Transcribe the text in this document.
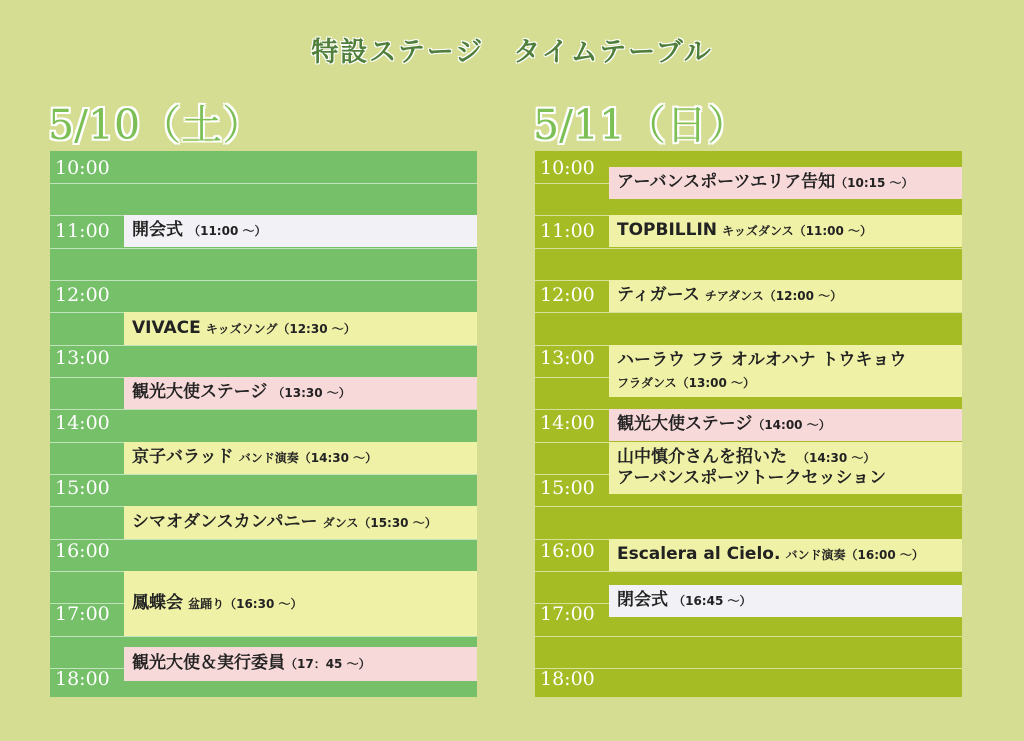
特設ステージ　タイムテーブル
5/10（土）	5/11（日）
10:00
11:00
12:00
13:00
14:00
15:00
16:00
17:00
18:00
開会式 （11:00 ～）
VIVACE キッズソング（12:30 ～）
観光大使ステージ （13:30 ～）
京子バラッド バンド演奏（14:30 ～）
シマオダンスカンパニー ダンス（15:30 ～）
鳳蝶会 盆踊り（16:30 ～）
観光大使＆実行委員（17：45 ～）
10:00
11:00
12:00
13:00
14:00
15:00
16:00
17:00
18:00
アーバンスポーツエリア告知（10:15 ～）
TOPBILLIN キッズダンス（11:00 ～）
ティガース チアダンス（12:00 ～）
ハーラウ フラ オルオハナ トウキョウ
フラダンス（13:00 ～）
観光大使ステージ（14:00 ～）
山中慎介さんを招いた　 （14:30 ～）
アーバンスポーツトークセッション
Escalera al Cielo. バンド演奏（16:00 ～）
閉会式 （16:45 ～）
